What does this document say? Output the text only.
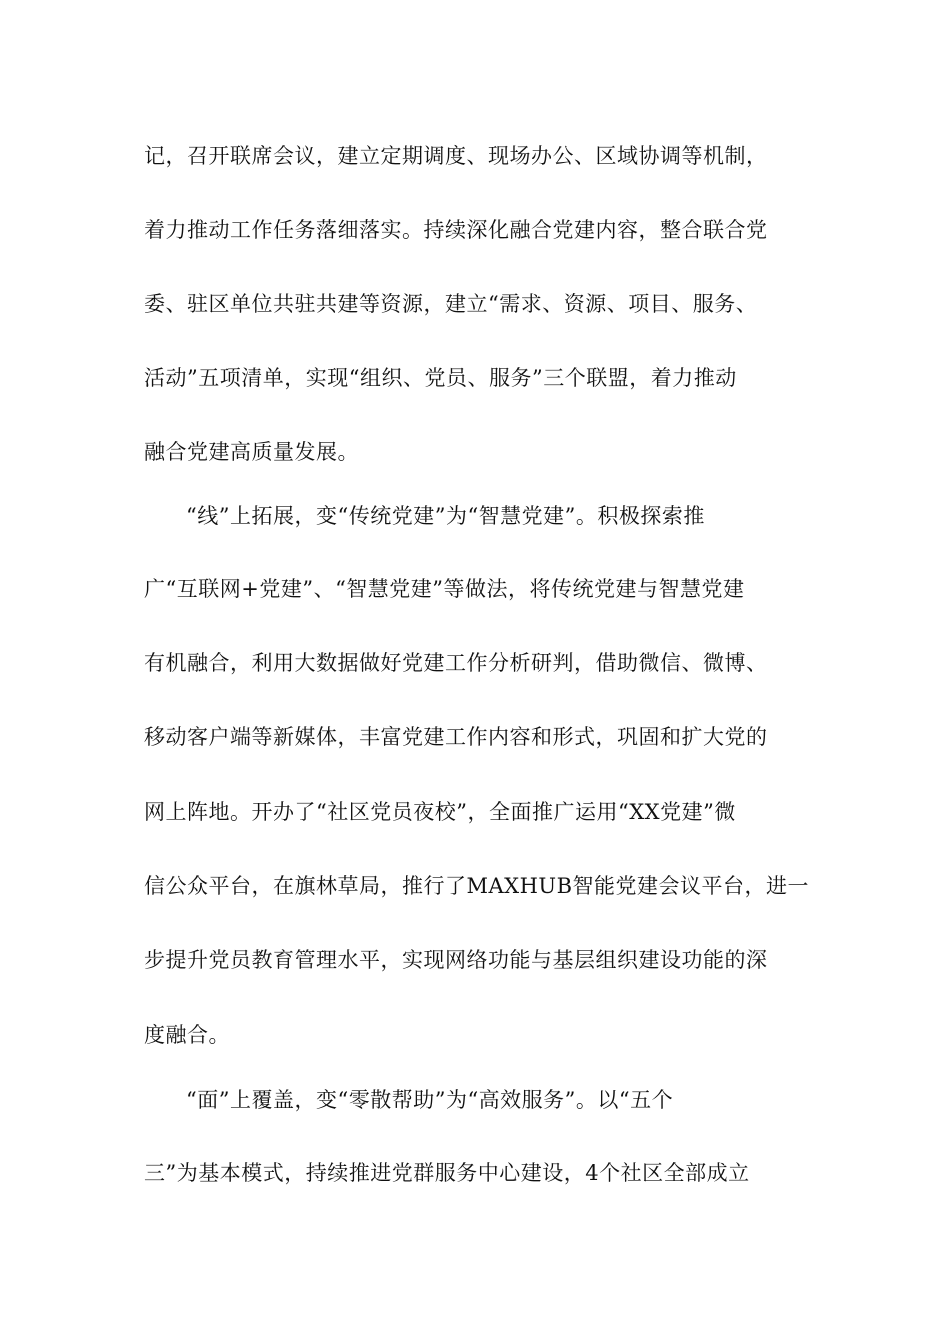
记，召开联席会议，建立定期调度、现场办公、区域协调等机制，
着力推动工作任务落细落实。持续深化融合党建内容，整合联合党
委、驻区单位共驻共建等资源，建立“需求、资源、项目、服务、
活动”五项清单，实现“组织、党员、服务”三个联盟，着力推动
融合党建高质量发展。
“线”上拓展，变“传统党建”为“智慧党建”。积极探索推
广“互联网+党建”、“智慧党建”等做法，将传统党建与智慧党建
有机融合，利用大数据做好党建工作分析研判，借助微信、微博、
移动客户端等新媒体，丰富党建工作内容和形式，巩固和扩大党的
网上阵地。开办了“社区党员夜校”，全面推广运用“XX党建”微
信公众平台，在旗林草局，推行了MAXHUB智能党建会议平台，进一
步提升党员教育管理水平，实现网络功能与基层组织建设功能的深
度融合。
“面”上覆盖，变“零散帮助”为“高效服务”。以“五个
三”为基本模式，持续推进党群服务中心建设，4个社区全部成立
